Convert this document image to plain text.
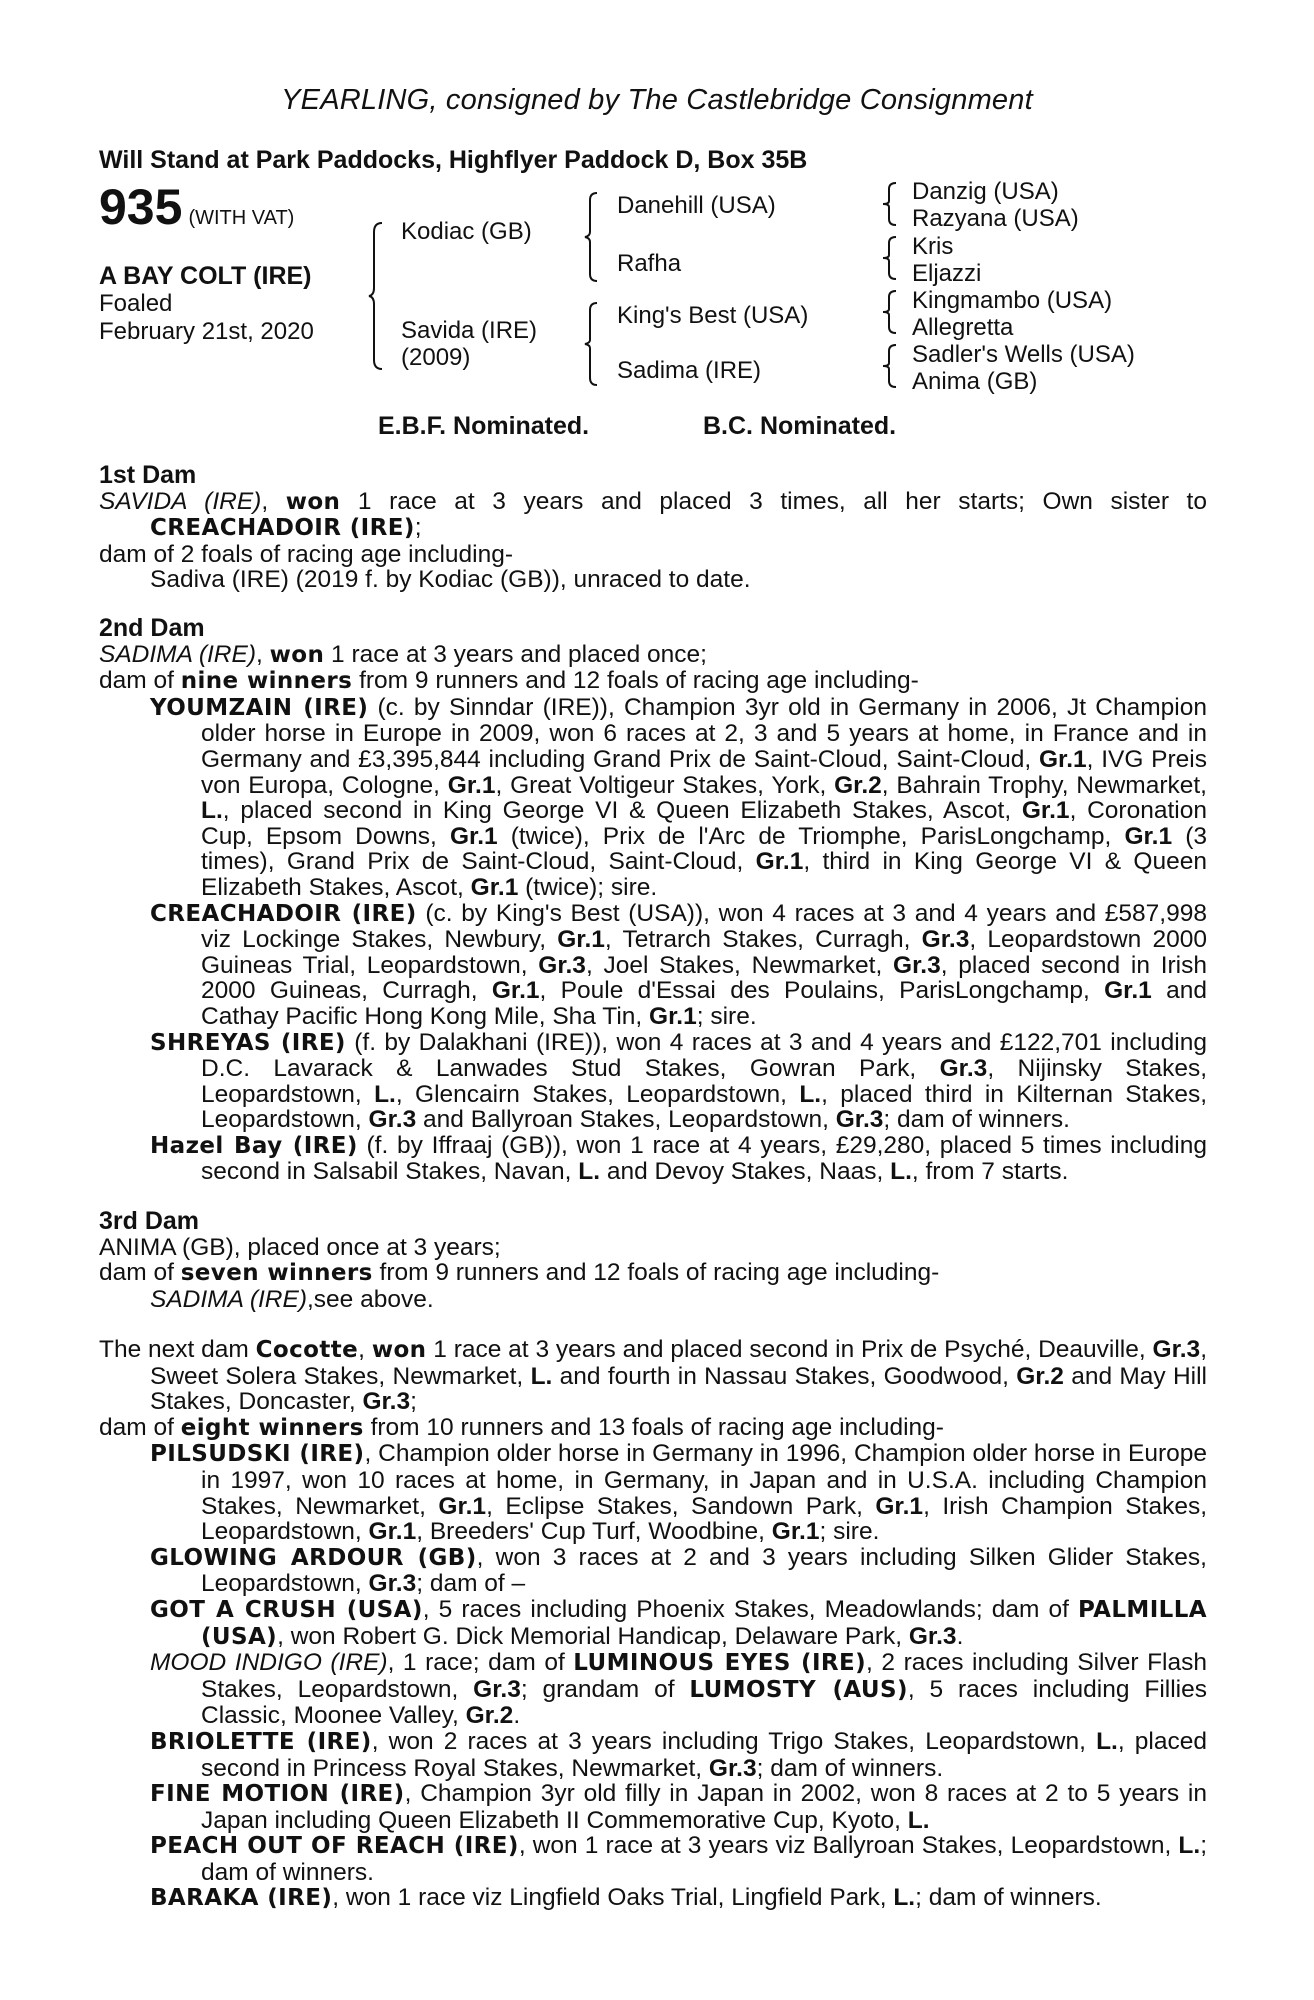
YEARLING, consigned by The Castlebridge Consignment
Will Stand at Park Paddocks, Highflyer Paddock D, Box 35B
935 (WITH VAT)
A BAY COLT (IRE)
Foaled
February 21st, 2020
Kodiac (GB)
Savida (IRE)
(2009)
Danehill (USA)
Rafha
King's Best (USA)
Sadima (IRE)
Danzig (USA)
Razyana (USA)
Kris
Eljazzi
Kingmambo (USA)
Allegretta
Sadler's Wells (USA)
Anima (GB)
E.B.F. Nominated.	B.C. Nominated.
1st Dam

SAVIDA (IRE), won 1 race at 3 years and placed 3 times, all her starts; Own sister to CREACHADOIR (IRE);

dam of 2 foals of racing age including-

Sadiva (IRE) (2019 f. by Kodiac (GB)), unraced to date.

2nd Dam

SADIMA (IRE), won 1 race at 3 years and placed once;

dam of nine winners from 9 runners and 12 foals of racing age including-

YOUMZAIN (IRE) (c. by Sinndar (IRE)), Champion 3yr old in Germany in 2006, Jt Champion older horse in Europe in 2009, won 6 races at 2, 3 and 5 years at home, in France and in Germany and £3,395,844 including Grand Prix de Saint-Cloud, Saint-Cloud, Gr.1, IVG Preis von Europa, Cologne, Gr.1, Great Voltigeur Stakes, York, Gr.2, Bahrain Trophy, Newmarket, L., placed second in King George VI & Queen Elizabeth Stakes, Ascot, Gr.1, Coronation Cup, Epsom Downs, Gr.1 (twice), Prix de l'Arc de Triomphe, ParisLongchamp, Gr.1 (3 times), Grand Prix de Saint-Cloud, Saint-Cloud, Gr.1, third in King George VI & Queen Elizabeth Stakes, Ascot, Gr.1 (twice); sire.

CREACHADOIR (IRE) (c. by King's Best (USA)), won 4 races at 3 and 4 years and £587,998 viz Lockinge Stakes, Newbury, Gr.1, Tetrarch Stakes, Curragh, Gr.3, Leopardstown 2000 Guineas Trial, Leopardstown, Gr.3, Joel Stakes, Newmarket, Gr.3, placed second in Irish 2000 Guineas, Curragh, Gr.1, Poule d'Essai des Poulains, ParisLongchamp, Gr.1 and Cathay Pacific Hong Kong Mile, Sha Tin, Gr.1; sire.

SHREYAS (IRE) (f. by Dalakhani (IRE)), won 4 races at 3 and 4 years and £122,701 including D.C. Lavarack & Lanwades Stud Stakes, Gowran Park, Gr.3, Nijinsky Stakes, Leopardstown, L., Glencairn Stakes, Leopardstown, L., placed third in Kilternan Stakes, Leopardstown, Gr.3 and Ballyroan Stakes, Leopardstown, Gr.3; dam of winners.

Hazel Bay (IRE) (f. by Iffraaj (GB)), won 1 race at 4 years, £29,280, placed 5 times including second in Salsabil Stakes, Navan, L. and Devoy Stakes, Naas, L., from 7 starts.

3rd Dam

ANIMA (GB), placed once at 3 years;

dam of seven winners from 9 runners and 12 foals of racing age including-

SADIMA (IRE),see above.

The next dam Cocotte, won 1 race at 3 years and placed second in Prix de Psyché, Deauville, Gr.3, Sweet Solera Stakes, Newmarket, L. and fourth in Nassau Stakes, Goodwood, Gr.2 and May Hill Stakes, Doncaster, Gr.3;

dam of eight winners from 10 runners and 13 foals of racing age including-

PILSUDSKI (IRE), Champion older horse in Germany in 1996, Champion older horse in Europe in 1997, won 10 races at home, in Germany, in Japan and in U.S.A. including Champion Stakes, Newmarket, Gr.1, Eclipse Stakes, Sandown Park, Gr.1, Irish Champion Stakes, Leopardstown, Gr.1, Breeders' Cup Turf, Woodbine, Gr.1; sire.

GLOWING ARDOUR (GB), won 3 races at 2 and 3 years including Silken Glider Stakes, Leopardstown, Gr.3; dam of –

GOT A CRUSH (USA), 5 races including Phoenix Stakes, Meadowlands; dam of PALMILLA (USA), won Robert G. Dick Memorial Handicap, Delaware Park, Gr.3.

MOOD INDIGO (IRE), 1 race; dam of LUMINOUS EYES (IRE), 2 races including Silver Flash Stakes, Leopardstown, Gr.3; grandam of LUMOSTY (AUS), 5 races including Fillies Classic, Moonee Valley, Gr.2.

BRIOLETTE (IRE), won 2 races at 3 years including Trigo Stakes, Leopardstown, L., placed second in Princess Royal Stakes, Newmarket, Gr.3; dam of winners.

FINE MOTION (IRE), Champion 3yr old filly in Japan in 2002, won 8 races at 2 to 5 years in Japan including Queen Elizabeth II Commemorative Cup, Kyoto, L.

PEACH OUT OF REACH (IRE), won 1 race at 3 years viz Ballyroan Stakes, Leopardstown, L.; dam of winners.

BARAKA (IRE), won 1 race viz Lingfield Oaks Trial, Lingfield Park, L.; dam of winners.
